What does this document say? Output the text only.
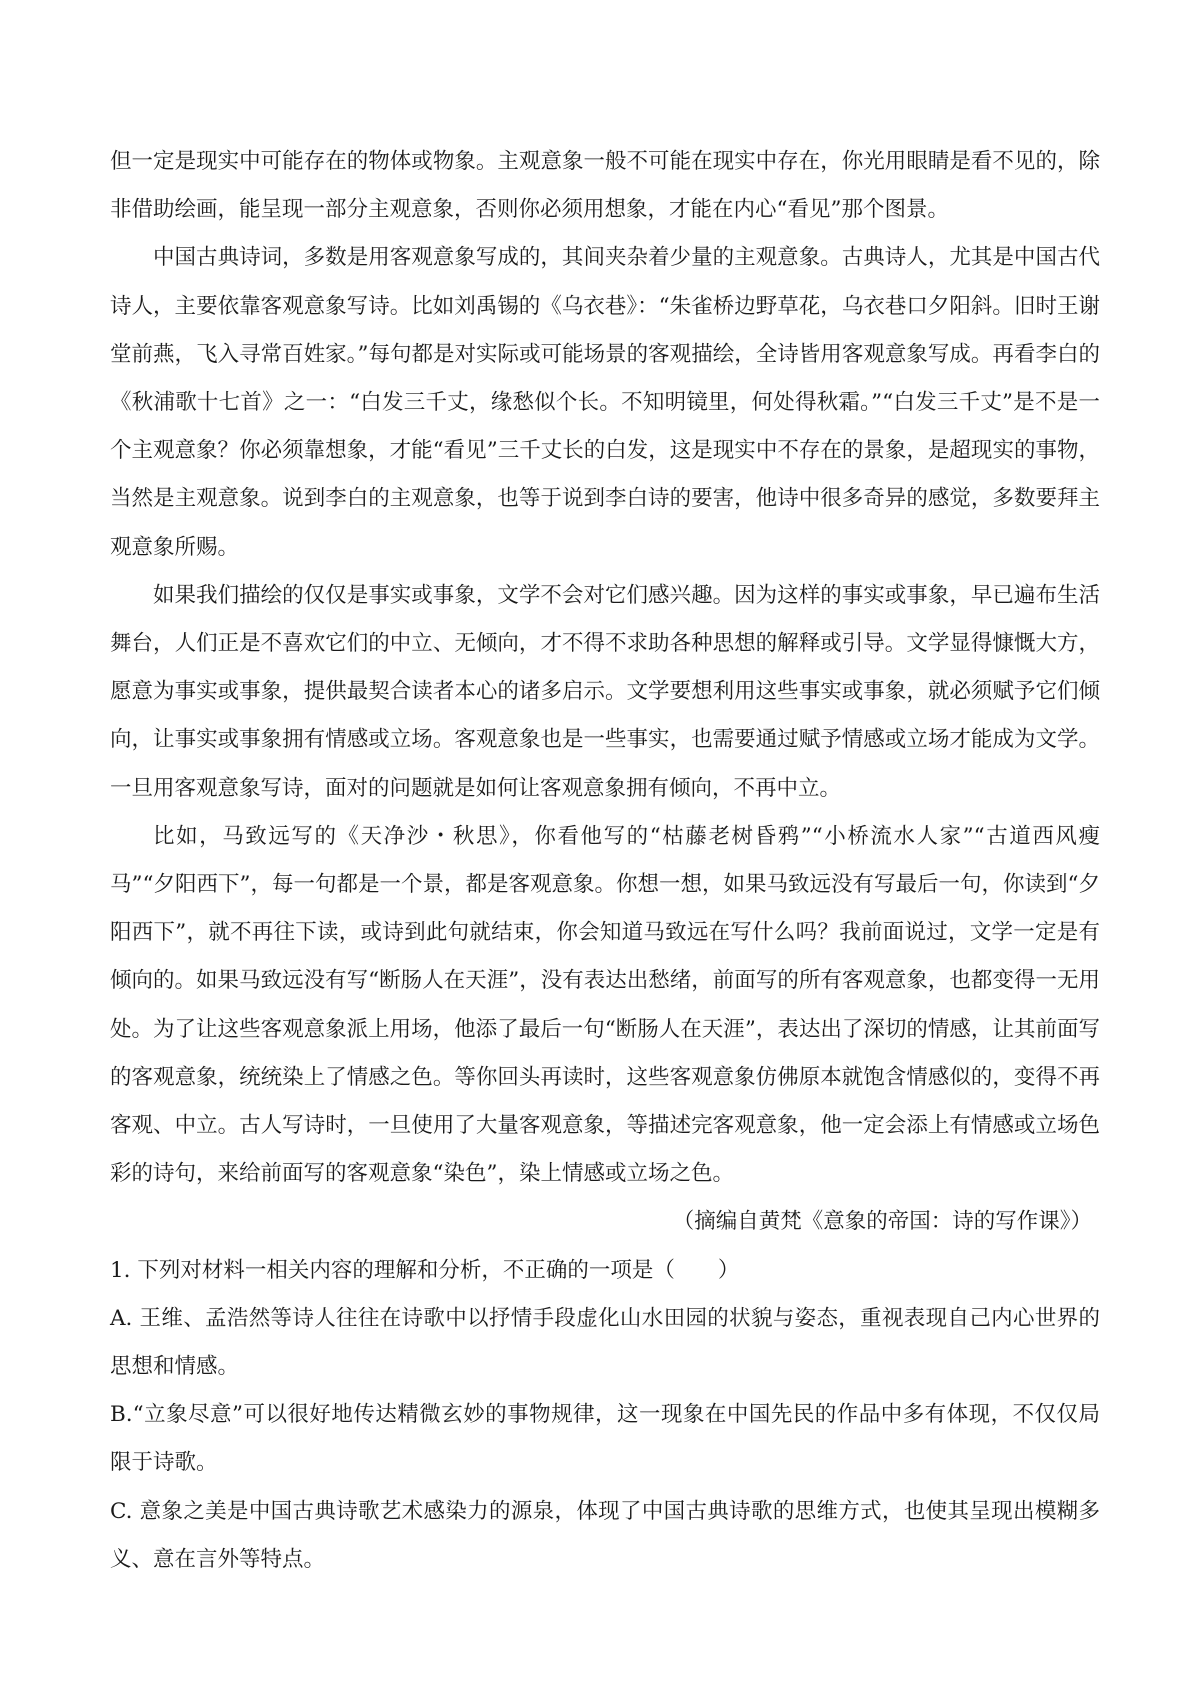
但一定是现实中可能存在的物体或物象。主观意象一般不可能在现实中存在，你光用眼睛是看不见的，除非借助绘画，能呈现一部分主观意象，否则你必须用想象，才能在内心“看见”那个图景。

中国古典诗词，多数是用客观意象写成的，其间夹杂着少量的主观意象。古典诗人，尤其是中国古代诗人，主要依靠客观意象写诗。比如刘禹锡的《乌衣巷》：“朱雀桥边野草花，乌衣巷口夕阳斜。旧时王谢堂前燕，飞入寻常百姓家。”每句都是对实际或可能场景的客观描绘，全诗皆用客观意象写成。再看李白的《秋浦歌十七首》之一：“白发三千丈，缘愁似个长。不知明镜里，何处得秋霜。”“白发三千丈”是不是一个主观意象？你必须靠想象，才能“看见”三千丈长的白发，这是现实中不存在的景象，是超现实的事物，当然是主观意象。说到李白的主观意象，也等于说到李白诗的要害，他诗中很多奇异的感觉，多数要拜主观意象所赐。

如果我们描绘的仅仅是事实或事象，文学不会对它们感兴趣。因为这样的事实或事象，早已遍布生活舞台，人们正是不喜欢它们的中立、无倾向，才不得不求助各种思想的解释或引导。文学显得慷慨大方，愿意为事实或事象，提供最契合读者本心的诸多启示。文学要想利用这些事实或事象，就必须赋予它们倾向，让事实或事象拥有情感或立场。客观意象也是一些事实，也需要通过赋予情感或立场才能成为文学。一旦用客观意象写诗，面对的问题就是如何让客观意象拥有倾向，不再中立。

比如，马致远写的《天净沙・秋思》，你看他写的“枯藤老树昏鸦”“小桥流水人家”“古道西风瘦马”“夕阳西下”，每一句都是一个景，都是客观意象。你想一想，如果马致远没有写最后一句，你读到“夕阳西下”，就不再往下读，或诗到此句就结束，你会知道马致远在写什么吗？我前面说过，文学一定是有倾向的。如果马致远没有写“断肠人在天涯”，没有表达出愁绪，前面写的所有客观意象，也都变得一无用处。为了让这些客观意象派上用场，他添了最后一句“断肠人在天涯”，表达出了深切的情感，让其前面写的客观意象，统统染上了情感之色。等你回头再读时，这些客观意象仿佛原本就饱含情感似的，变得不再客观、中立。古人写诗时，一旦使用了大量客观意象，等描述完客观意象，他一定会添上有情感或立场色彩的诗句，来给前面写的客观意象“染色”，染上情感或立场之色。

（摘编自黄梵《意象的帝国：诗的写作课》）

1. 下列对材料一相关内容的理解和分析，不正确的一项是（　　）

A. 王维、孟浩然等诗人往往在诗歌中以抒情手段虚化山水田园的状貌与姿态，重视表现自己内心世界的思想和情感。

B.“立象尽意”可以很好地传达精微玄妙的事物规律，这一现象在中国先民的作品中多有体现，不仅仅局限于诗歌。

C. 意象之美是中国古典诗歌艺术感染力的源泉，体现了中国古典诗歌的思维方式，也使其呈现出模糊多义、意在言外等特点。
